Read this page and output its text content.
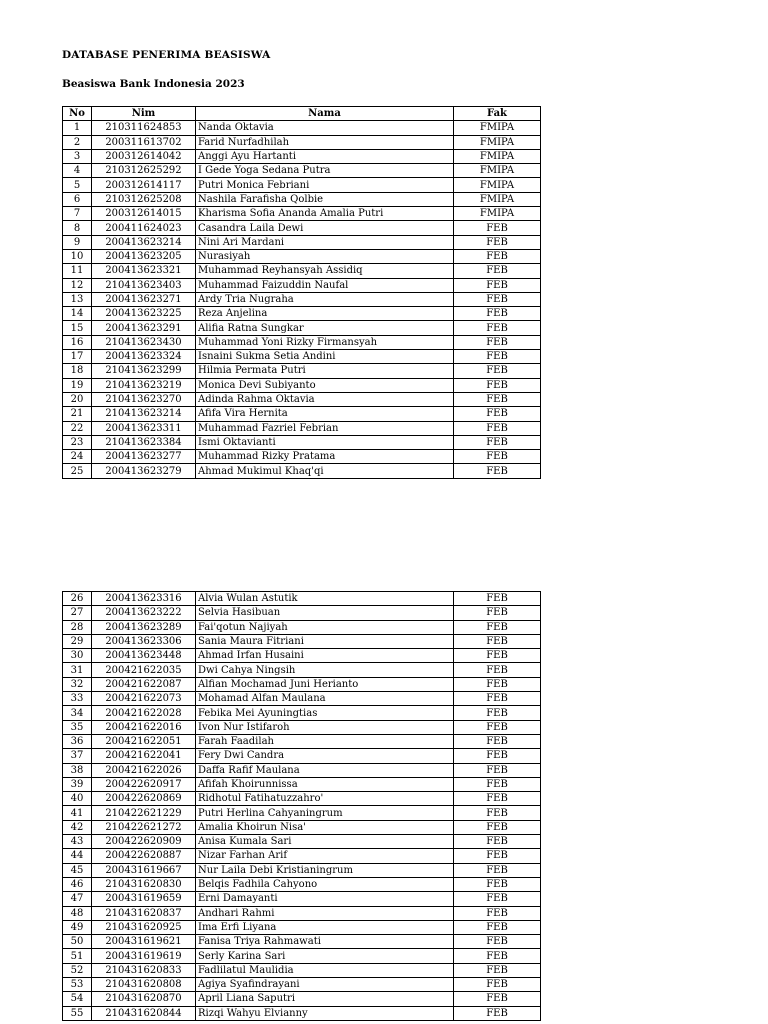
DATABASE PENERIMA BEASISWA
Beasiswa Bank Indonesia 2023
No	Nim	Nama	Fak
1	210311624853	Nanda Oktavia	FMIPA
2	200311613702	Farid Nurfadhilah	FMIPA
3	200312614042	Anggi Ayu Hartanti	FMIPA
4	210312625292	I Gede Yoga Sedana Putra	FMIPA
5	200312614117	Putri Monica Febriani	FMIPA
6	210312625208	Nashila Farafisha Qolbie	FMIPA
7	200312614015	Kharisma Sofia Ananda Amalia Putri	FMIPA
8	200411624023	Casandra Laila Dewi	FEB
9	200413623214	Nini Ari Mardani	FEB
10	200413623205	Nurasiyah	FEB
11	200413623321	Muhammad Reyhansyah Assidiq	FEB
12	210413623403	Muhammad Faizuddin Naufal	FEB
13	200413623271	Ardy Tria Nugraha	FEB
14	200413623225	Reza Anjelina	FEB
15	200413623291	Alifia Ratna Sungkar	FEB
16	210413623430	Muhammad Yoni Rizky Firmansyah	FEB
17	200413623324	Isnaini Sukma Setia Andini	FEB
18	210413623299	Hilmia Permata Putri	FEB
19	210413623219	Monica Devi Subiyanto	FEB
20	210413623270	Adinda Rahma Oktavia	FEB
21	210413623214	Afifa Vira Hernita	FEB
22	200413623311	Muhammad Fazriel Febrian	FEB
23	210413623384	Ismi Oktavianti	FEB
24	200413623277	Muhammad Rizky Pratama	FEB
25	200413623279	Ahmad Mukimul Khaq'qi	FEB
26	200413623316	Alvia Wulan Astutik	FEB
27	200413623222	Selvia Hasibuan	FEB
28	200413623289	Fai'qotun Najiyah	FEB
29	200413623306	Sania Maura Fitriani	FEB
30	200413623448	Ahmad Irfan Husaini	FEB
31	200421622035	Dwi Cahya Ningsih	FEB
32	200421622087	Alfian Mochamad Juni Herianto	FEB
33	200421622073	Mohamad Alfan Maulana	FEB
34	200421622028	Febika Mei Ayuningtias	FEB
35	200421622016	Ivon Nur Istifaroh	FEB
36	200421622051	Farah Faadilah	FEB
37	200421622041	Fery Dwi Candra	FEB
38	200421622026	Daffa Rafif Maulana	FEB
39	200422620917	Afifah Khoirunnissa	FEB
40	200422620869	Ridhotul Fatihatuzzahro'	FEB
41	210422621229	Putri Herlina Cahyaningrum	FEB
42	210422621272	Amalia Khoirun Nisa'	FEB
43	200422620909	Anisa Kumala Sari	FEB
44	200422620887	Nizar Farhan Arif	FEB
45	200431619667	Nur Laila Debi Kristianingrum	FEB
46	210431620830	Belqis Fadhila Cahyono	FEB
47	200431619659	Erni Damayanti	FEB
48	210431620837	Andhari Rahmi	FEB
49	210431620925	Ima Erfi Liyana	FEB
50	200431619621	Fanisa Triya Rahmawati	FEB
51	200431619619	Serly Karina Sari	FEB
52	210431620833	Fadlilatul Maulidia	FEB
53	210431620808	Agiya Syafindrayani	FEB
54	210431620870	April Liana Saputri	FEB
55	210431620844	Rizqi Wahyu Elvianny	FEB
